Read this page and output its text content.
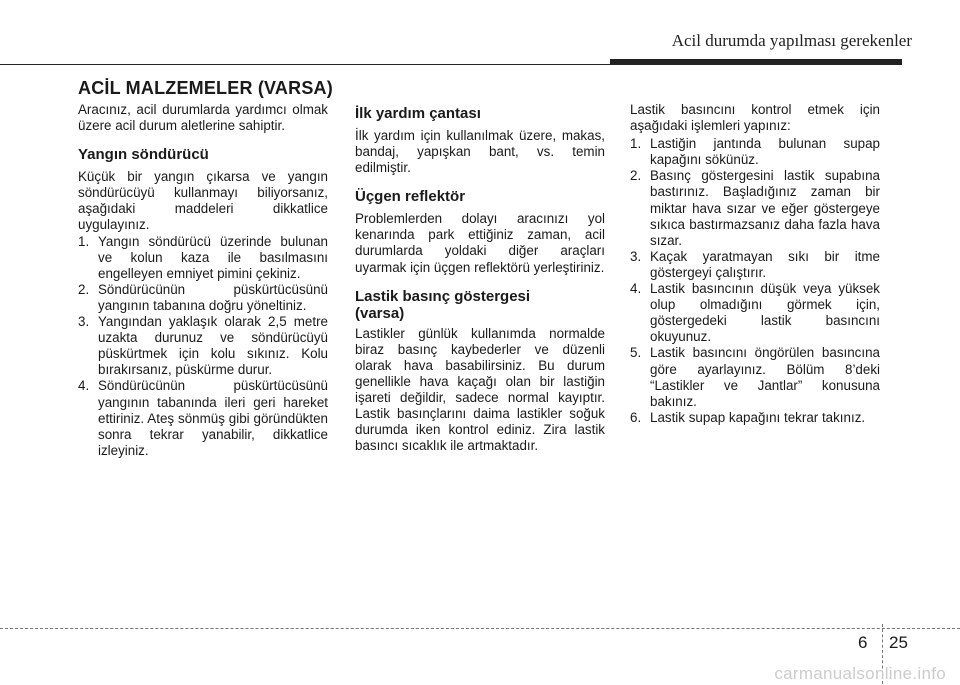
Acil durumda yapılması gerekenler
ACİL MALZEMELER (VARSA)

Aracınız, acil durumlarda yardımcı olmak üzere acil durum aletlerine sahiptir.

Yangın söndürücü

Küçük bir yangın çıkarsa ve yangın söndürücüyü kullanmayı biliyorsanız, aşağıdaki maddeleri dikkatlice uygulayınız.

1. Yangın söndürücü üzerinde bulunan ve kolun kaza ile basılmasını engelleyen emniyet pimini çekiniz.
2. Söndürücünün püskürtücüsünü yangının tabanına doğru yöneltiniz.
3. Yangından yaklaşık olarak 2,5 metre uzakta durunuz ve söndürücüyü püskürtmek için kolu sıkınız. Kolu bırakırsanız, püskürme durur.
4. Söndürücünün püskürtücüsünü yangının tabanında ileri geri hareket ettiriniz. Ateş sönmüş gibi göründükten sonra tekrar yanabilir, dikkatlice izleyiniz.
İlk yardım çantası

İlk yardım için kullanılmak üzere, makas, bandaj, yapışkan bant, vs. temin edilmiştir.

Üçgen reflektör

Problemlerden dolayı aracınızı yol kenarında park ettiğiniz zaman, acil durumlarda yoldaki diğer araçları uyarmak için üçgen reflektörü yerleştiriniz.

Lastik basınç göstergesi
(varsa)

Lastikler günlük kullanımda normalde biraz basınç kaybederler ve düzenli olarak hava basabilirsiniz. Bu durum genellikle hava kaçağı olan bir lastiğin işareti değildir, sadece normal kayıptır. Lastik basınçlarını daima lastikler soğuk durumda iken kontrol ediniz. Zira lastik basıncı sıcaklık ile artmaktadır.

Lastik basıncını kontrol etmek için aşağıdaki işlemleri yapınız:

1. Lastiğin jantında bulunan supap kapağını sökünüz.
2. Basınç göstergesini lastik supabına bastırınız. Başladığınız zaman bir miktar hava sızar ve eğer göstergeye sıkıca bastırmazsanız daha fazla hava sızar.
3. Kaçak yaratmayan sıkı bir itme göstergeyi çalıştırır.
4. Lastik basıncının düşük veya yüksek olup olmadığını görmek için, göstergedeki lastik basıncını okuyunuz.
5. Lastik basıncını öngörülen basıncına göre ayarlayınız. Bölüm 8’deki “Lastikler ve Jantlar” konusuna bakınız.
6. Lastik supap kapağını tekrar takınız.
6 25
carmanualsonline.info
